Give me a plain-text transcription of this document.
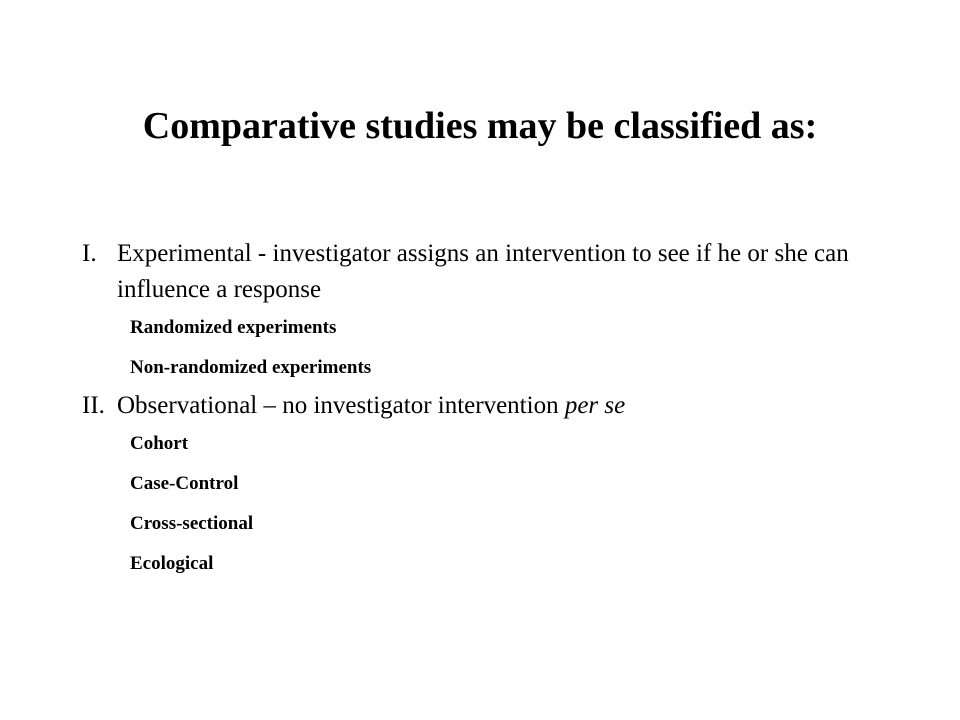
Comparative studies may be classified as:

I. Experimental - investigator assigns an intervention to see if he or she can influence a response

Randomized experiments
Non-randomized experiments

II. Observational – no investigator intervention per se

Cohort
Case-Control
Cross-sectional
Ecological
